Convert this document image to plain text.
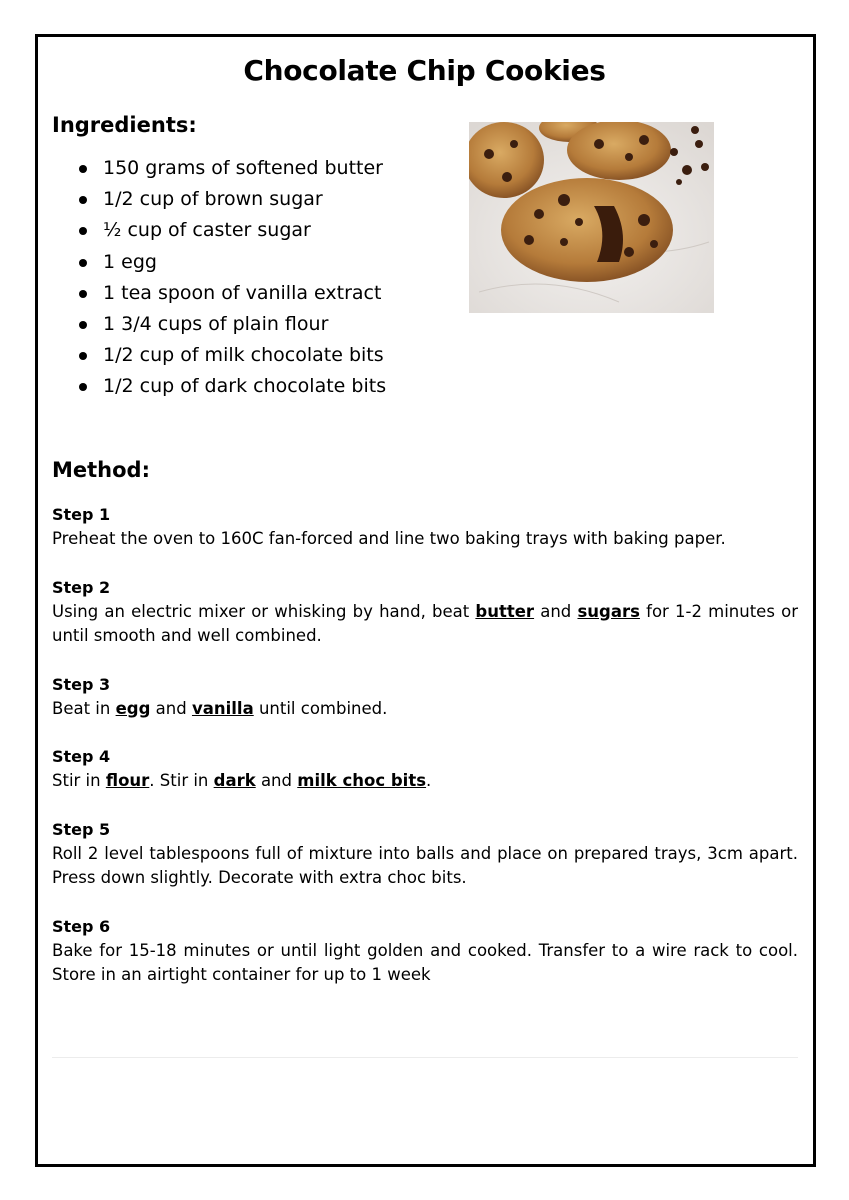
Chocolate Chip Cookies
Ingredients:
150 grams of softened butter
1/2 cup of brown sugar
½ cup of caster sugar
1 egg
1 tea spoon of vanilla extract
1 3/4 cups of plain flour
1/2 cup of milk chocolate bits
1/2 cup of dark chocolate bits
Method:
Step 1
Preheat the oven to 160C fan-forced and line two baking trays with baking paper.
Step 2
Using an electric mixer or whisking by hand, beat butter and sugars for 1-2 minutes or until smooth and well combined.
Step 3
Beat in egg and vanilla until combined.
Step 4
Stir in flour. Stir in dark and milk choc bits.
Step 5
Roll 2 level tablespoons full of mixture into balls and place on prepared trays, 3cm apart. Press down slightly. Decorate with extra choc bits.
Step 6
Bake for 15-18 minutes or until light golden and cooked. Transfer to a wire rack to cool. Store in an airtight container for up to 1 week
